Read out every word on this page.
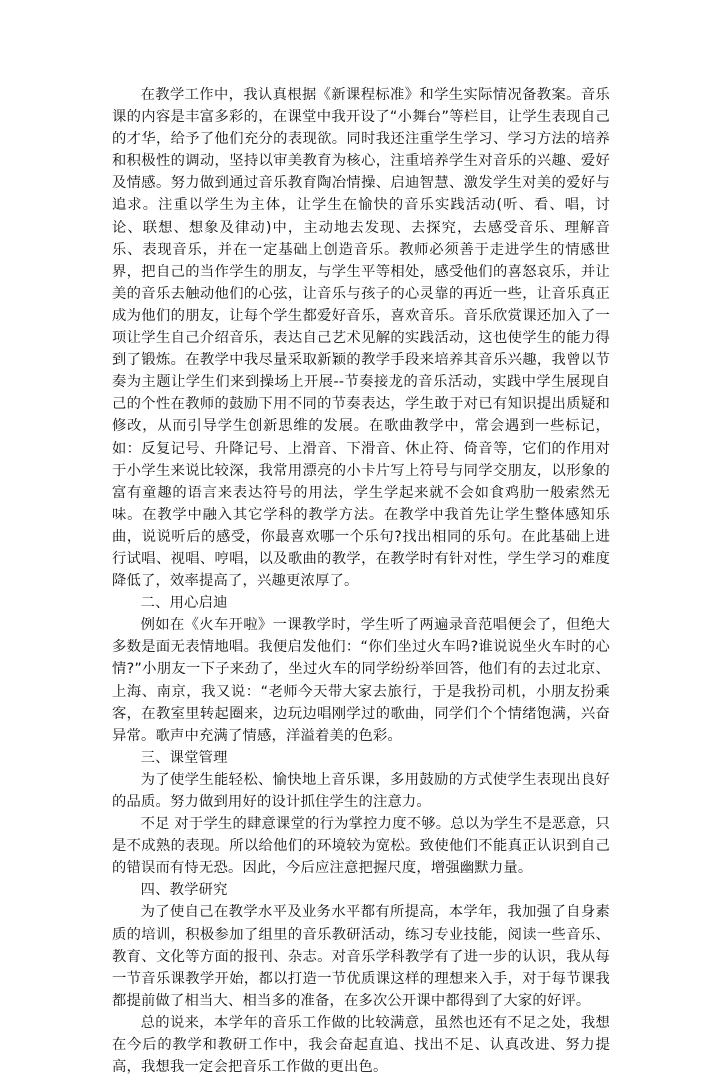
在教学工作中，我认真根据《新课程标准》和学生实际情况备教案。音乐课的内容是丰富多彩的，在课堂中我开设了“小舞台”等栏目，让学生表现自己的才华，给予了他们充分的表现欲。同时我还注重学生学习、学习方法的培养和积极性的调动，坚持以审美教育为核心，注重培养学生对音乐的兴趣、爱好及情感。努力做到通过音乐教育陶冶情操、启迪智慧、激发学生对美的爱好与追求。注重以学生为主体，让学生在愉快的音乐实践活动(听、看、唱，讨论、联想、想象及律动)中，主动地去发现、去探究，去感受音乐、理解音乐、表现音乐，并在一定基础上创造音乐。教师必须善于走进学生的情感世界，把自己的当作学生的朋友，与学生平等相处，感受他们的喜怒哀乐，并让美的音乐去触动他们的心弦，让音乐与孩子的心灵靠的再近一些，让音乐真正成为他们的朋友，让每个学生都爱好音乐，喜欢音乐。音乐欣赏课还加入了一项让学生自己介绍音乐，表达自己艺术见解的实践活动，这也使学生的能力得到了锻炼。在教学中我尽量采取新颖的教学手段来培养其音乐兴趣，我曾以节奏为主题让学生们来到操场上开展--节奏接龙的音乐活动，实践中学生展现自己的个性在教师的鼓励下用不同的节奏表达，学生敢于对已有知识提出质疑和修改，从而引导学生创新思维的发展。在歌曲教学中，常会遇到一些标记，如：反复记号、升降记号、上滑音、下滑音、休止符、倚音等，它们的作用对于小学生来说比较深，我常用漂亮的小卡片写上符号与同学交朋友，以形象的富有童趣的语言来表达符号的用法，学生学起来就不会如食鸡肋一般索然无味。在教学中融入其它学科的教学方法。在教学中我首先让学生整体感知乐曲，说说听后的感受，你最喜欢哪一个乐句?找出相同的乐句。在此基础上进行试唱、视唱、哼唱，以及歌曲的教学，在教学时有针对性，学生学习的难度降低了，效率提高了，兴趣更浓厚了。

二、用心启迪

例如在《火车开啦》一课教学时，学生听了两遍录音范唱便会了，但绝大多数是面无表情地唱。我便启发他们：“你们坐过火车吗?谁说说坐火车时的心情?”小朋友一下子来劲了，坐过火车的同学纷纷举回答，他们有的去过北京、上海、南京，我又说：“老师今天带大家去旅行，于是我扮司机，小朋友扮乘客，在教室里转起圈来，边玩边唱刚学过的歌曲，同学们个个情绪饱满，兴奋异常。歌声中充满了情感，洋溢着美的色彩。

三、课堂管理

为了使学生能轻松、愉快地上音乐课，多用鼓励的方式使学生表现出良好的品质。努力做到用好的设计抓住学生的注意力。

不足 对于学生的肆意课堂的行为掌控力度不够。总以为学生不是恶意，只是不成熟的表现。所以给他们的环境较为宽松。致使他们不能真正认识到自己的错误而有恃无恐。因此，今后应注意把握尺度，增强幽默力量。

四、教学研究

为了使自己在教学水平及业务水平都有所提高，本学年，我加强了自身素质的培训，积极参加了组里的音乐教研活动，练习专业技能，阅读一些音乐、教育、文化等方面的报刊、杂志。对音乐学科教学有了进一步的认识，我从每一节音乐课教学开始，都以打造一节优质课这样的理想来入手，对于每节课我都提前做了相当大、相当多的准备，在多次公开课中都得到了大家的好评。

总的说来，本学年的音乐工作做的比较满意，虽然也还有不足之处，我想在今后的教学和教研工作中，我会奋起直追、找出不足、认真改进、努力提高，我想我一定会把音乐工作做的更出色。
